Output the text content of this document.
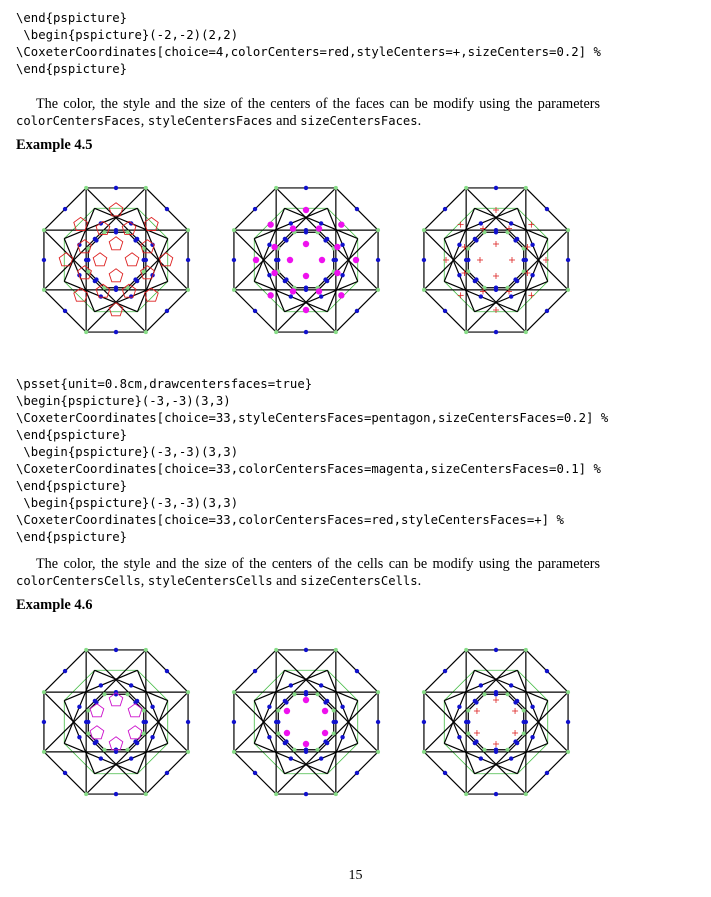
\end{pspicture}
\begin{pspicture}(-2,-2)(2,2)
\CoxeterCoordinates[choice=4,colorCenters=red,styleCenters=+,sizeCenters=0.2] %
\end{pspicture}

The color, the style and the size of the centers of the faces can be modify using the parameters
colorCentersFaces, styleCentersFaces and sizeCentersFaces.

Example 4.5

\psset{unit=0.8cm,drawcentersfaces=true}
\begin{pspicture}(-3,-3)(3,3)
\CoxeterCoordinates[choice=33,styleCentersFaces=pentagon,sizeCentersFaces=0.2] %
\end{pspicture}
\begin{pspicture}(-3,-3)(3,3)
\CoxeterCoordinates[choice=33,colorCentersFaces=magenta,sizeCentersFaces=0.1] %
\end{pspicture}
\begin{pspicture}(-3,-3)(3,3)
\CoxeterCoordinates[choice=33,colorCentersFaces=red,styleCentersFaces=+] %
\end{pspicture}

The color, the style and the size of the centers of the cells can be modify using the parameters
colorCentersCells, styleCentersCells and sizeCentersCells.

Example 4.6

15
